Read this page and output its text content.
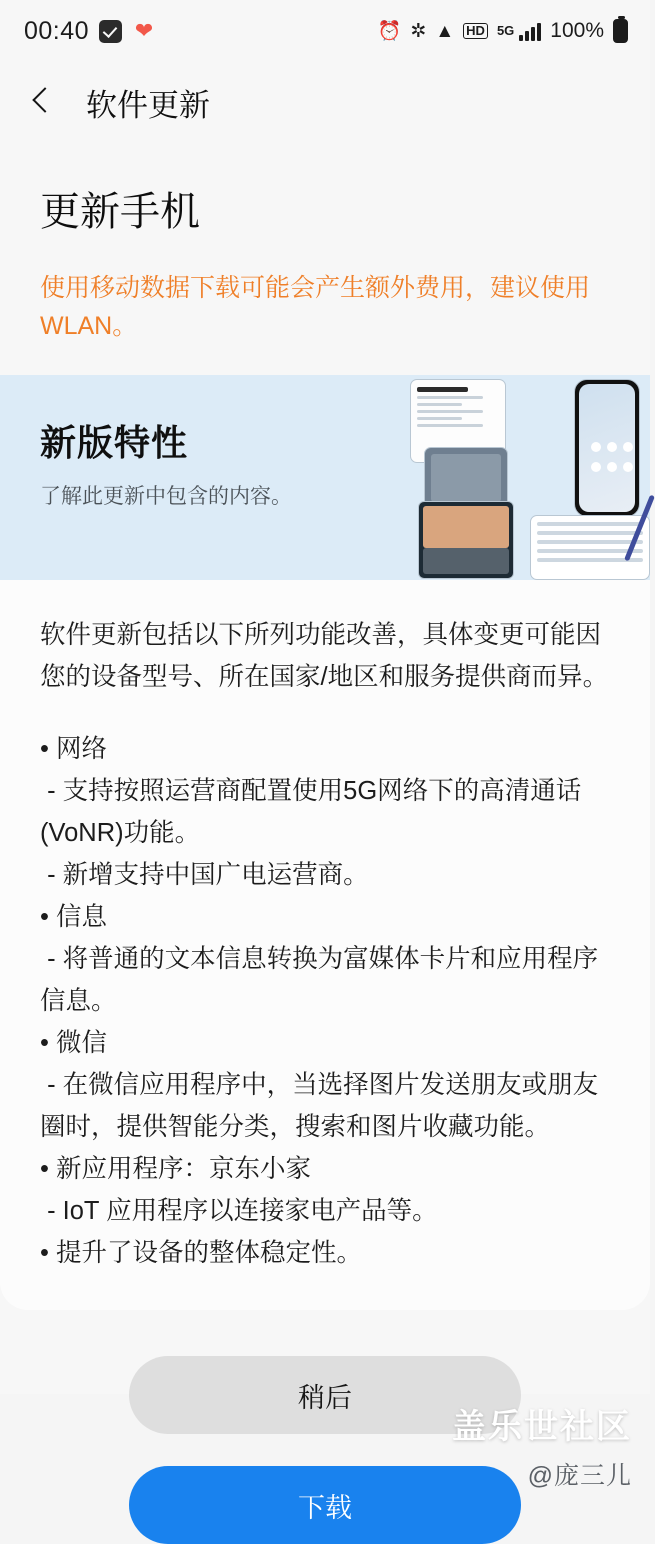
00:40 ❤	⏰ ✲ ▲ HD 5G 100%
软件更新
更新手机
使用移动数据下载可能会产生额外费用，建议使用 WLAN。
新版特性
了解此更新中包含的内容。
软件更新包括以下所列功能改善，具体变更可能因您的设备型号、所在国家/地区和服务提供商而异。
• 网络
- 支持按照运营商配置使用5G网络下的高清通话(VoNR)功能。
- 新增支持中国广电运营商。
• 信息
- 将普通的文本信息转换为富媒体卡片和应用程序信息。
• 微信
- 在微信应用程序中，当选择图片发送朋友或朋友圈时，提供智能分类，搜索和图片收藏功能。
• 新应用程序：京东小家
- IoT 应用程序以连接家电产品等。
• 提升了设备的整体稳定性。
稍后
下载
盖乐世社区
@庞三儿
